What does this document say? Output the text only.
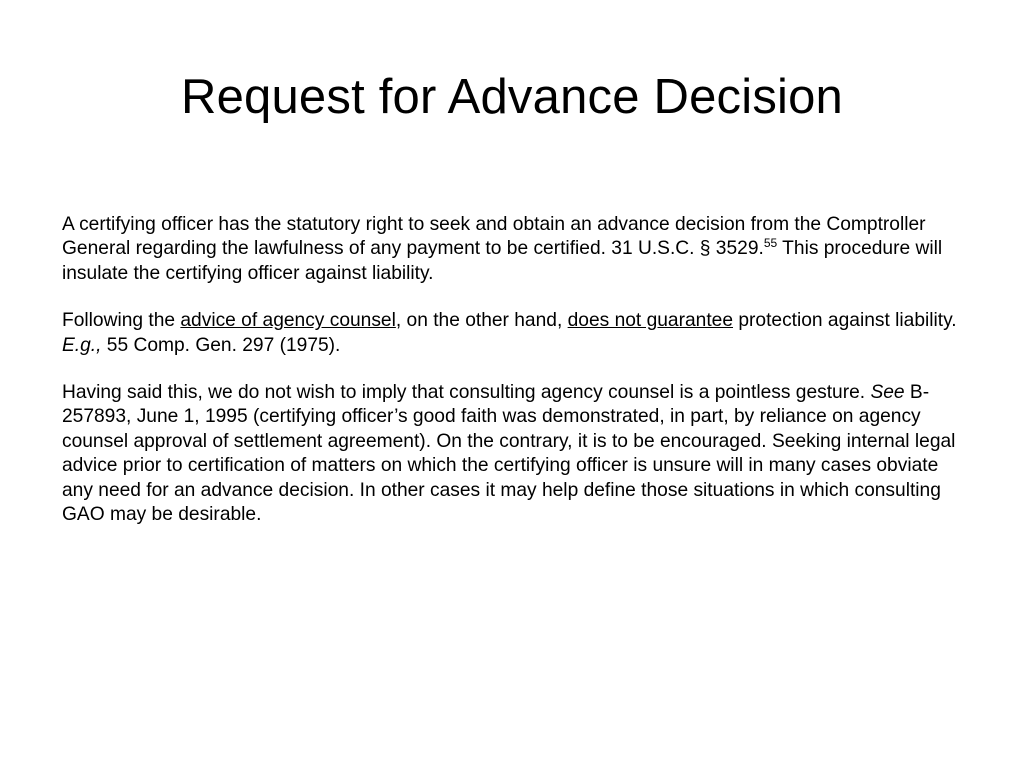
Request for Advance Decision

A certifying officer has the statutory right to seek and obtain an advance decision from the Comptroller General regarding the lawfulness of any payment to be certified. 31 U.S.C. § 3529.55 This procedure will insulate the certifying officer against liability.

Following the advice of agency counsel, on the other hand, does not guarantee protection against liability. E.g., 55 Comp. Gen. 297 (1975).

Having said this, we do not wish to imply that consulting agency counsel is a pointless gesture. See B-257893, June 1, 1995 (certifying officer’s good faith was demonstrated, in part, by reliance on agency counsel approval of settlement agreement). On the contrary, it is to be encouraged. Seeking internal legal advice prior to certification of matters on which the certifying officer is unsure will in many cases obviate any need for an advance decision. In other cases it may help define those situations in which consulting GAO may be desirable.
